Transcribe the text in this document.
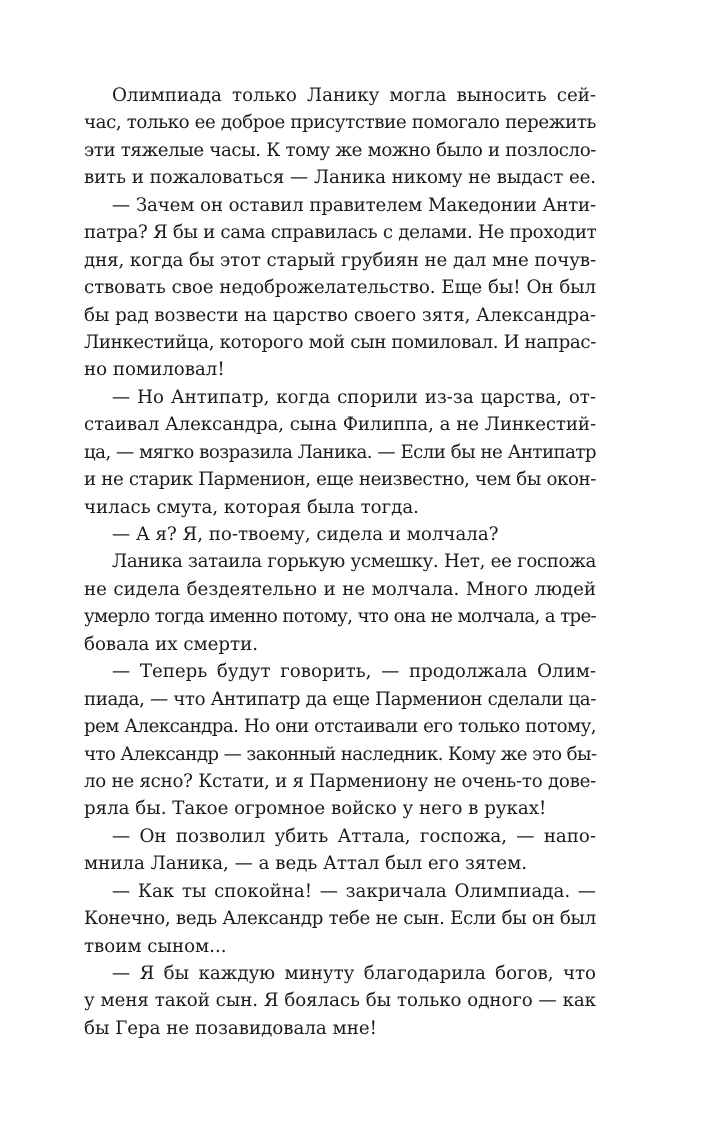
Олимпиада только Ланику могла выносить сей-
час, только ее доброе присутствие помогало пережить
эти тяжелые часы. К тому же можно было и позлосло-
вить и пожаловаться — Ланика никому не выдаст ее.
— Зачем он оставил правителем Македонии Анти-
патра? Я бы и сама справилась с делами. Не проходит
дня, когда бы этот старый грубиян не дал мне почув-
ствовать свое недоброжелательство. Еще бы! Он был
бы рад возвести на царство своего зятя, Александра-
Линкестийца, которого мой сын помиловал. И напрас-
но помиловал!
— Но Антипатр, когда спорили из-за царства, от-
стаивал Александра, сына Филиппа, а не Линкестий-
ца, — мягко возразила Ланика. — Если бы не Антипатр
и не старик Парменион, еще неизвестно, чем бы окон-
чилась смута, которая была тогда.
— А я? Я, по-твоему, сидела и молчала?
Ланика затаила горькую усмешку. Нет, ее госпожа
не сидела бездеятельно и не молчала. Много людей
умерло тогда именно потому, что она не молчала, а тре-
бовала их смерти.
— Теперь будут говорить, — продолжала Олим-
пиада, — что Антипатр да еще Парменион сделали ца-
рем Александра. Но они отстаивали его только потому,
что Александр — законный наследник. Кому же это бы-
ло не ясно? Кстати, и я Пармениону не очень-то дове-
ряла бы. Такое огромное войско у него в руках!
— Он позволил убить Аттала, госпожа, — напо-
мнила Ланика, — а ведь Аттал был его зятем.
— Как ты спокойна! — закричала Олимпиада. —
Конечно, ведь Александр тебе не сын. Если бы он был
твоим сыном...
— Я бы каждую минуту благодарила богов, что
у меня такой сын. Я боялась бы только одного — как
бы Гера не позавидовала мне!
